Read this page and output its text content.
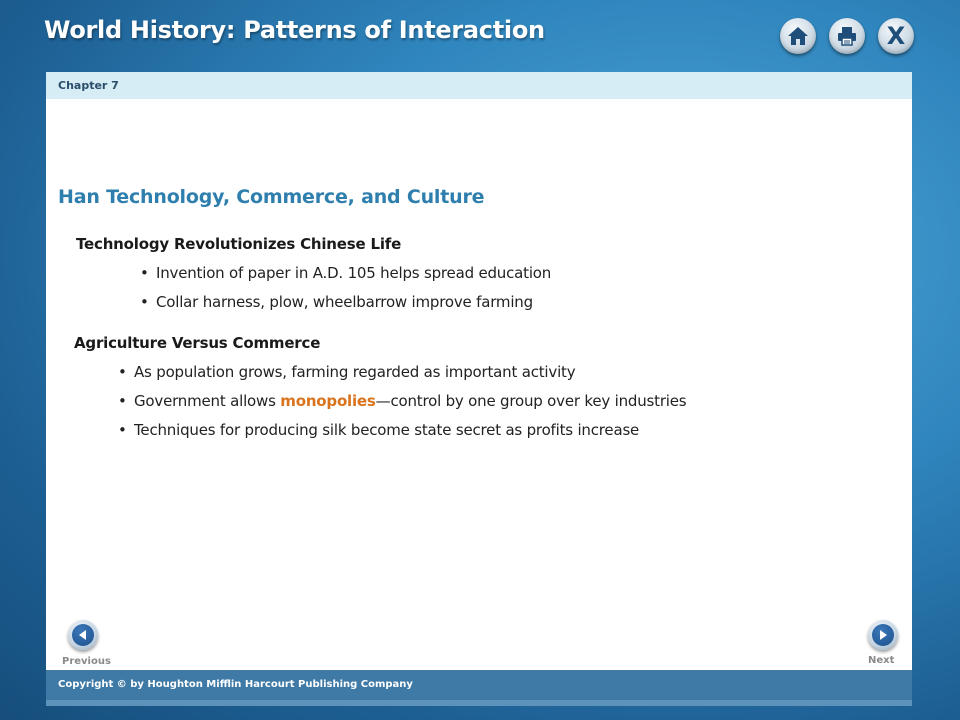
World History: Patterns of Interaction	X
Chapter 7
Han Technology, Commerce, and Culture
Technology Revolutionizes Chinese Life
• Invention of paper in A.D. 105 helps spread education
• Collar harness, plow, wheelbarrow improve farming
Agriculture Versus Commerce
• As population grows, farming regarded as important activity
• Government allows monopolies—control by one group over key industries
• Techniques for producing silk become state secret as profits increase
Previous	Next
Copyright © by Houghton Mifflin Harcourt Publishing Company
